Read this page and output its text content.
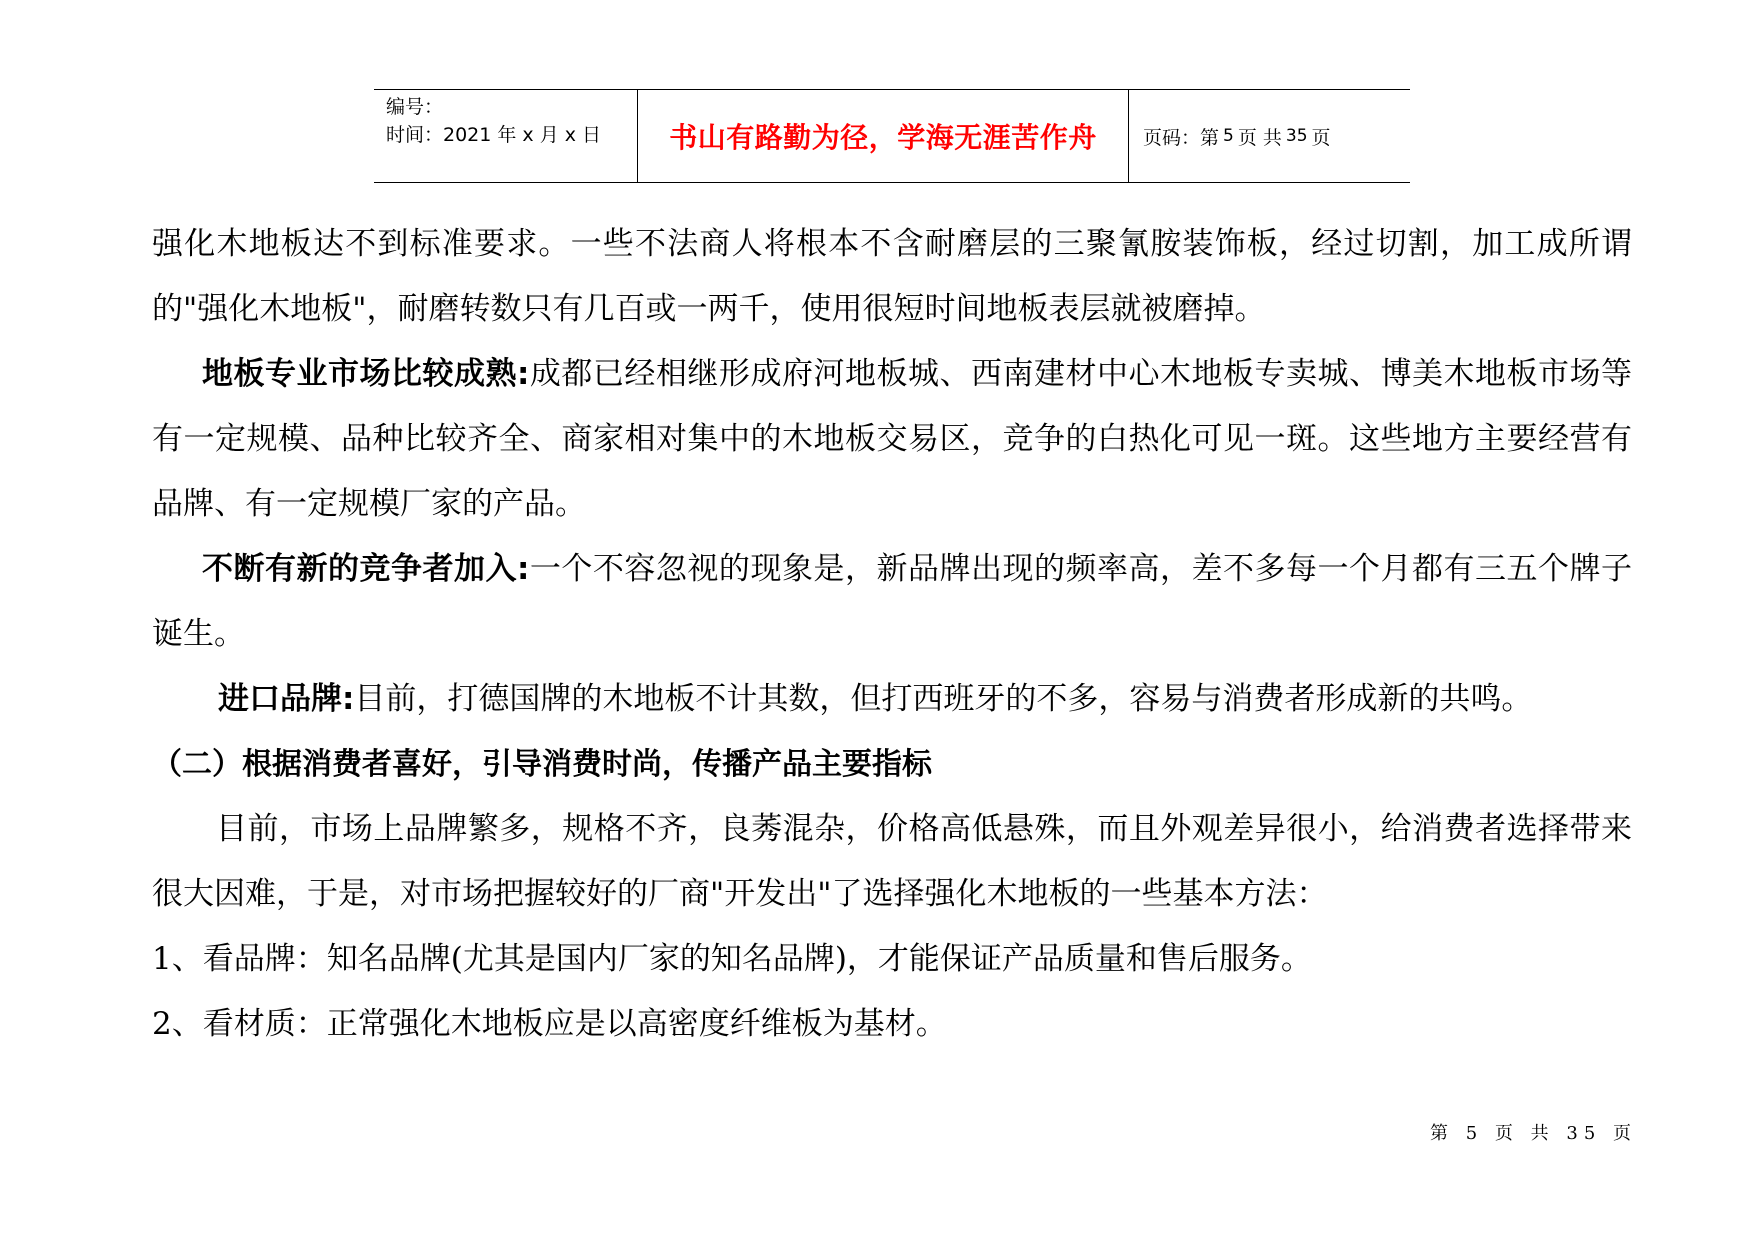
编号：
时间：2021 年 x 月 x 日	书山有路勤为径，学海无涯苦作舟 页码：第 5 页 共 35 页

强化木地板达不到标准要求。一些不法商人将根本不含耐磨层的三聚氰胺装饰板，经过切割，加工成所谓的"强化木地板"，耐磨转数只有几百或一两千，使用很短时间地板表层就被磨掉。

地板专业市场比较成熟:成都已经相继形成府河地板城、西南建材中心木地板专卖城、博美木地板市场等有一定规模、品种比较齐全、商家相对集中的木地板交易区，竞争的白热化可见一斑。这些地方主要经营有品牌、有一定规模厂家的产品。

不断有新的竞争者加入:一个不容忽视的现象是，新品牌出现的频率高，差不多每一个月都有三五个牌子诞生。

进口品牌:目前，打德国牌的木地板不计其数，但打西班牙的不多，容易与消费者形成新的共鸣。

（二）根据消费者喜好，引导消费时尚，传播产品主要指标

目前，市场上品牌繁多，规格不齐，良莠混杂，价格高低悬殊，而且外观差异很小，给消费者选择带来很大因难，于是，对市场把握较好的厂商"开发出"了选择强化木地板的一些基本方法：

1、看品牌：知名品牌(尤其是国内厂家的知名品牌)，才能保证产品质量和售后服务。

2、看材质：正常强化木地板应是以高密度纤维板为基材。

第 5 页 共 35 页
